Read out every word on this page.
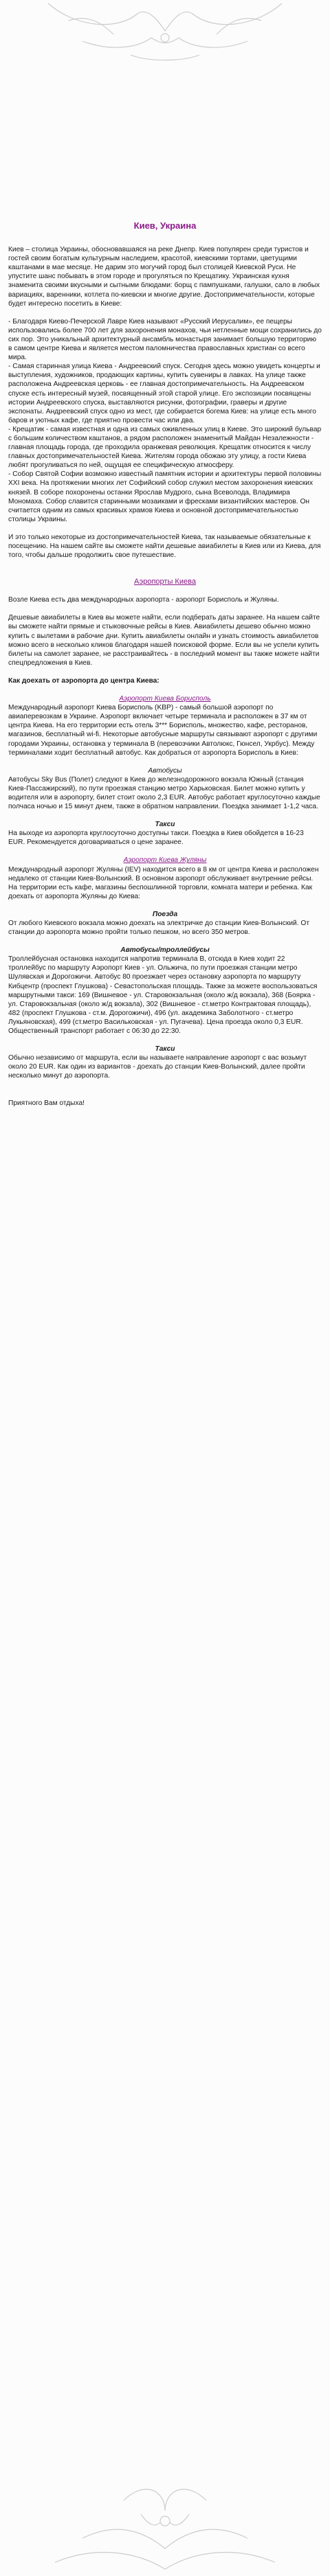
Киев, Украина

Киев – столица Украины, обосновавшаяся на реке Днепр. Киев популярен среди туристов и гостей своим богатым культурным наследием, красотой, киевскими тортами, цветущими каштанами в мае месяце. Не дарим это могучий город был столицей Киевской Руси. Не упустите шанс побывать в этом городе и прогуляться по Крещатику. Украинская кухня знаменита своими вкусными и сытными блюдами: борщ с пампушками, галушки, сало в любых вариациях, варенники, котлета по-киевски и многие другие. Достопримечательности, которые будет интересно посетить в Киеве:

- Благодаря Киево-Печерской Лавре Киев называют «Русский Иерусалим», ее пещеры использовались более 700 лет для захоронения монахов, чьи нетленные мощи сохранились до сих пор. Это уникальный архитектурный ансамбль монастыря занимает большую территорию в самом центре Киева и является местом паломничества православных христиан со всего мира.

- Самая старинная улица Киева - Андреевский спуск. Сегодня здесь можно увидеть концерты и выступления, художников, продающих картины, купить сувениры в лавках. На улице также расположена Андреевская церковь - ее главная достопримечательность. На Андреевском спуске есть интересный музей, посвященный этой старой улице. Его экспозиции посвящены истории Андреевского спуска, выставляются рисунки, фотографии, граверы и другие экспонаты. Андреевский спуск одно из мест, где собирается богема Киев: на улице есть много баров и уютных кафе, где приятно провести час или два.

- Крещатик - самая известная и одна из самых оживленных улиц в Киеве. Это широкий бульвар с большим количеством каштанов, а рядом расположен знаменитый Майдан Незалежности - главная площадь города, где проходила оранжевая революция. Крещатик относится к числу главных достопримечательностей Киева. Жителям города обожаю эту улицу, а гости Киева любят прогуливаться по ней, ощущая ее специфическую атмосферу.

- Собор Святой Софии возможно известный памятник истории и архитектуры первой половины XXI века. На протяжении многих лет Софийский собор служил местом захоронения киевских князей. В соборе похоронены останки Ярослав Мудрого, сына Всеволода, Владимира Мономаха. Собор славится старинными мозаиками и фресками византийских мастеров. Он считается одним из самых красивых храмов Киева и основной достопримечательностью столицы Украины.

И это только некоторые из достопримечательностей Киева, так называемые обязательные к посещению. На нашем сайте вы сможете найти дешевые авиабилеты в Киев или из Киева, для того, чтобы дальше продолжить свое путешествие.

Аэропорты Киева

Возле Киева есть два международных аэропорта - аэропорт Борисполь и Жуляны.

Дешевые авиабилеты в Киев вы можете найти, если подберать даты заранее. На нашем сайте вы сможете найти прямые и стыковочные рейсы в Киев. Авиабилеты дешево обычно можно купить с вылетами в рабочие дни. Купить авиабилеты онлайн и узнать стоимость авиабилетов можно всего в несколько кликов благодаря нашей поисковой форме. Если вы не успели купить билеты на самолет заранее, не расстраивайтесь - в последний момент вы также можете найти спецпредложения в Киев.

Как доехать от аэропорта до центра Киева:

Аэропорт Киева Борисполь

Международный аэропорт Киева Борисполь (KBP) - самый большой аэропорт по авиаперевозкам в Украине. Аэропорт включает четыре терминала и расположен в 37 км от центра Киева. На его территории есть отель 3*** Борисполь, множество, кафе, ресторанов, магазинов, бесплатный wi-fi. Некоторые автобусные маршруты связывают аэропорт с другими городами Украины, остановка у терминала В (перевозчики Автолюкс, Гюнсел, Укрбус). Между терминалами ходит бесплатный автобус. Как добраться от аэропорта Борисполь в Киев:

Автобусы

Автобусы Sky Bus (Полет) следуют в Киев до железнодорожного вокзала Южный (станция Киев-Пассажирский), по пути проезжая станцию метро Харьковская. Билет можно купить у водителя или в аэропорту, билет стоит около 2,3 EUR. Автобус работает круглосуточно каждые полчаса ночью и 15 минут днем, также в обратном направлении. Поездка занимает 1-1,2 часа.

Такси

На выходе из аэропорта круглосуточно доступны такси. Поездка в Киев обойдется в 16-23 EUR. Рекомендуется договариваться о цене заранее.

Аэропорт Киева Жуляны

Международный аэропорт Жуляны (IEV) находится всего в 8 км от центра Киева и расположен недалеко от станции Киев-Волынский. В основном аэропорт обслуживает внутренние рейсы. На территории есть кафе, магазины беспошлинной торговли, комната матери и ребенка. Как доехать от аэропорта Жуляны до Киева:

Поезда

От любого Киевского вокзала можно доехать на электричке до станции Киев-Волынский. От станции до аэропорта можно пройти только пешком, но всего 350 метров.

Автобусы/троллейбусы

Троллейбусная остановка находится напротив терминала В, отсюда в Киев ходит 22 троллейбус по маршруту Аэропорт Киев - ул. Ольжича, по пути проезжая станции метро Шулявская и Дорогожичи. Автобус 80 проезжает через остановку аэропорта по маршруту Кибцентр (проспект Глушкова) - Севастопольская площадь. Также за можете воспользоваться маршрутными такси: 169 (Вишневое - ул. Старовокзальная (около ж/д вокзала), 368 (Боярка - ул. Старовокзальная (около ж/д вокзала), 302 (Вишневое - ст.метро Контрактовая площадь), 482 (проспект Глушкова - ст.м. Дорогожичи), 496 (ул. академика Заболотного - ст.метро Лукьяновская), 499 (ст.метро Васильковская - ул. Пугачева). Цена проезда около 0,3 EUR. Общественный транспорт работает с 06:30 до 22:30.

Такси

Обычно независимо от маршрута, если вы называете направление аэропорт с вас возьмут около 20 EUR. Как один из вариантов - доехать до станции Киев-Волынский, далее пройти несколько минут до аэропорта.

Приятного Вам отдыха!
